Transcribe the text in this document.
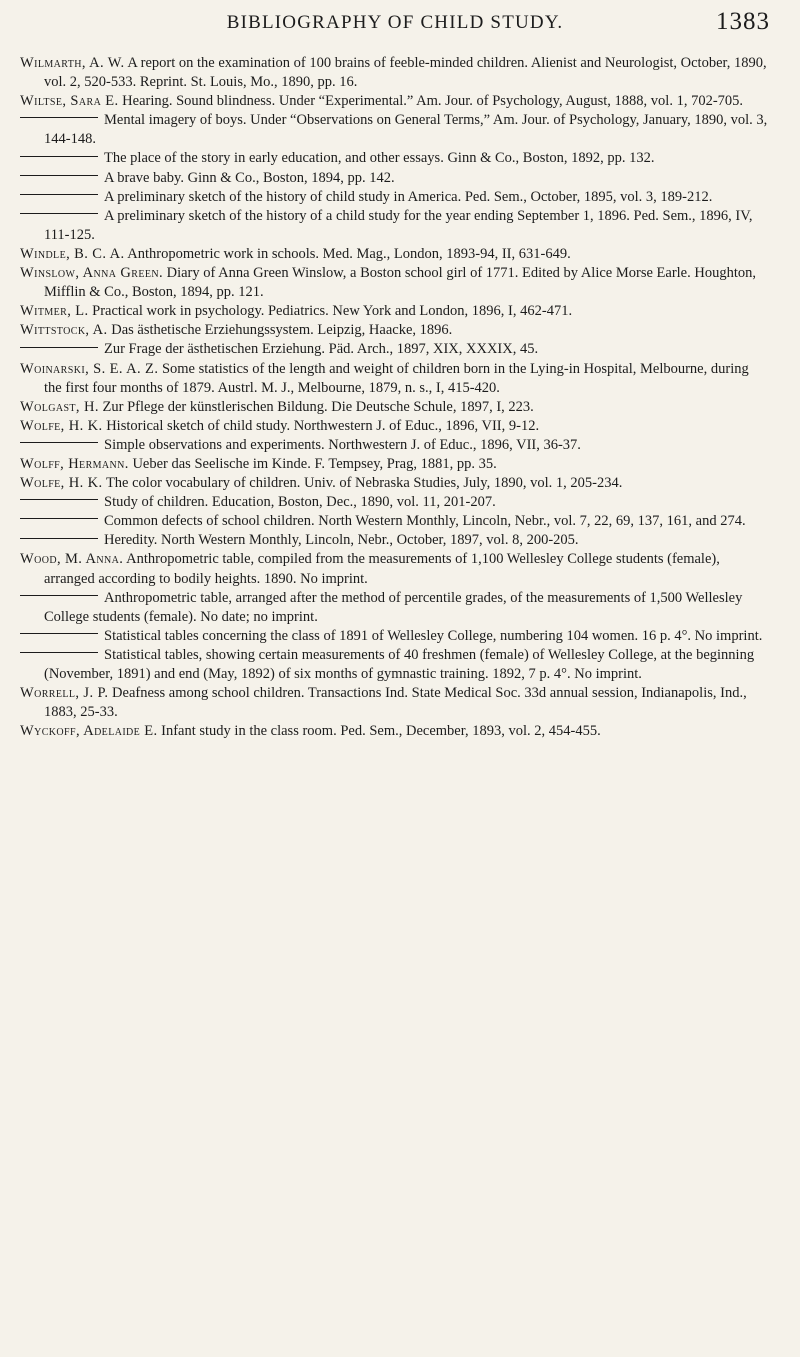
BIBLIOGRAPHY OF CHILD STUDY.	1383

Wilmarth, A. W. A report on the examination of 100 brains of feeble-minded children. Alienist and Neurologist, October, 1890, vol. 2, 520-533. Reprint. St. Louis, Mo., 1890, pp. 16.

Wiltse, Sara E. Hearing. Sound blindness. Under “Experimental.” Am. Jour. of Psychology, August, 1888, vol. 1, 702-705.

Mental imagery of boys. Under “Observations on General Terms,” Am. Jour. of Psychology, January, 1890, vol. 3, 144-148.

The place of the story in early education, and other essays. Ginn & Co., Boston, 1892, pp. 132.

A brave baby. Ginn & Co., Boston, 1894, pp. 142.

A preliminary sketch of the history of child study in America. Ped. Sem., October, 1895, vol. 3, 189-212.

A preliminary sketch of the history of a child study for the year ending September 1, 1896. Ped. Sem., 1896, IV, 111-125.

Windle, B. C. A. Anthropometric work in schools. Med. Mag., London, 1893-94, II, 631-649.

Winslow, Anna Green. Diary of Anna Green Winslow, a Boston school girl of 1771. Edited by Alice Morse Earle. Houghton, Mifflin & Co., Boston, 1894, pp. 121.

Witmer, L. Practical work in psychology. Pediatrics. New York and London, 1896, I, 462-471.

Wittstock, A. Das ästhetische Erziehungssystem. Leipzig, Haacke, 1896.

Zur Frage der ästhetischen Erziehung. Päd. Arch., 1897, XIX, XXXIX, 45.

Woinarski, S. E. A. Z. Some statistics of the length and weight of children born in the Lying-in Hospital, Melbourne, during the first four months of 1879. Austrl. M. J., Melbourne, 1879, n. s., I, 415-420.

Wolgast, H. Zur Pflege der künstlerischen Bildung. Die Deutsche Schule, 1897, I, 223.

Wolfe, H. K. Historical sketch of child study. Northwestern J. of Educ., 1896, VII, 9-12.

Simple observations and experiments. Northwestern J. of Educ., 1896, VII, 36-37.

Wolff, Hermann. Ueber das Seelische im Kinde. F. Tempsey, Prag, 1881, pp. 35.

Wolfe, H. K. The color vocabulary of children. Univ. of Nebraska Studies, July, 1890, vol. 1, 205-234.

Study of children. Education, Boston, Dec., 1890, vol. 11, 201-207.

Common defects of school children. North Western Monthly, Lincoln, Nebr., vol. 7, 22, 69, 137, 161, and 274.

Heredity. North Western Monthly, Lincoln, Nebr., October, 1897, vol. 8, 200-205.

Wood, M. Anna. Anthropometric table, compiled from the measurements of 1,100 Wellesley College students (female), arranged according to bodily heights. 1890. No imprint.

Anthropometric table, arranged after the method of percentile grades, of the measurements of 1,500 Wellesley College students (female). No date; no imprint.

Statistical tables concerning the class of 1891 of Wellesley College, numbering 104 women. 16 p. 4°. No imprint.

Statistical tables, showing certain measurements of 40 freshmen (female) of Wellesley College, at the beginning (November, 1891) and end (May, 1892) of six months of gymnastic training. 1892, 7 p. 4°. No imprint.

Worrell, J. P. Deafness among school children. Transactions Ind. State Medical Soc. 33d annual session, Indianapolis, Ind., 1883, 25-33.

Wyckoff, Adelaide E. Infant study in the class room. Ped. Sem., December, 1893, vol. 2, 454-455.
